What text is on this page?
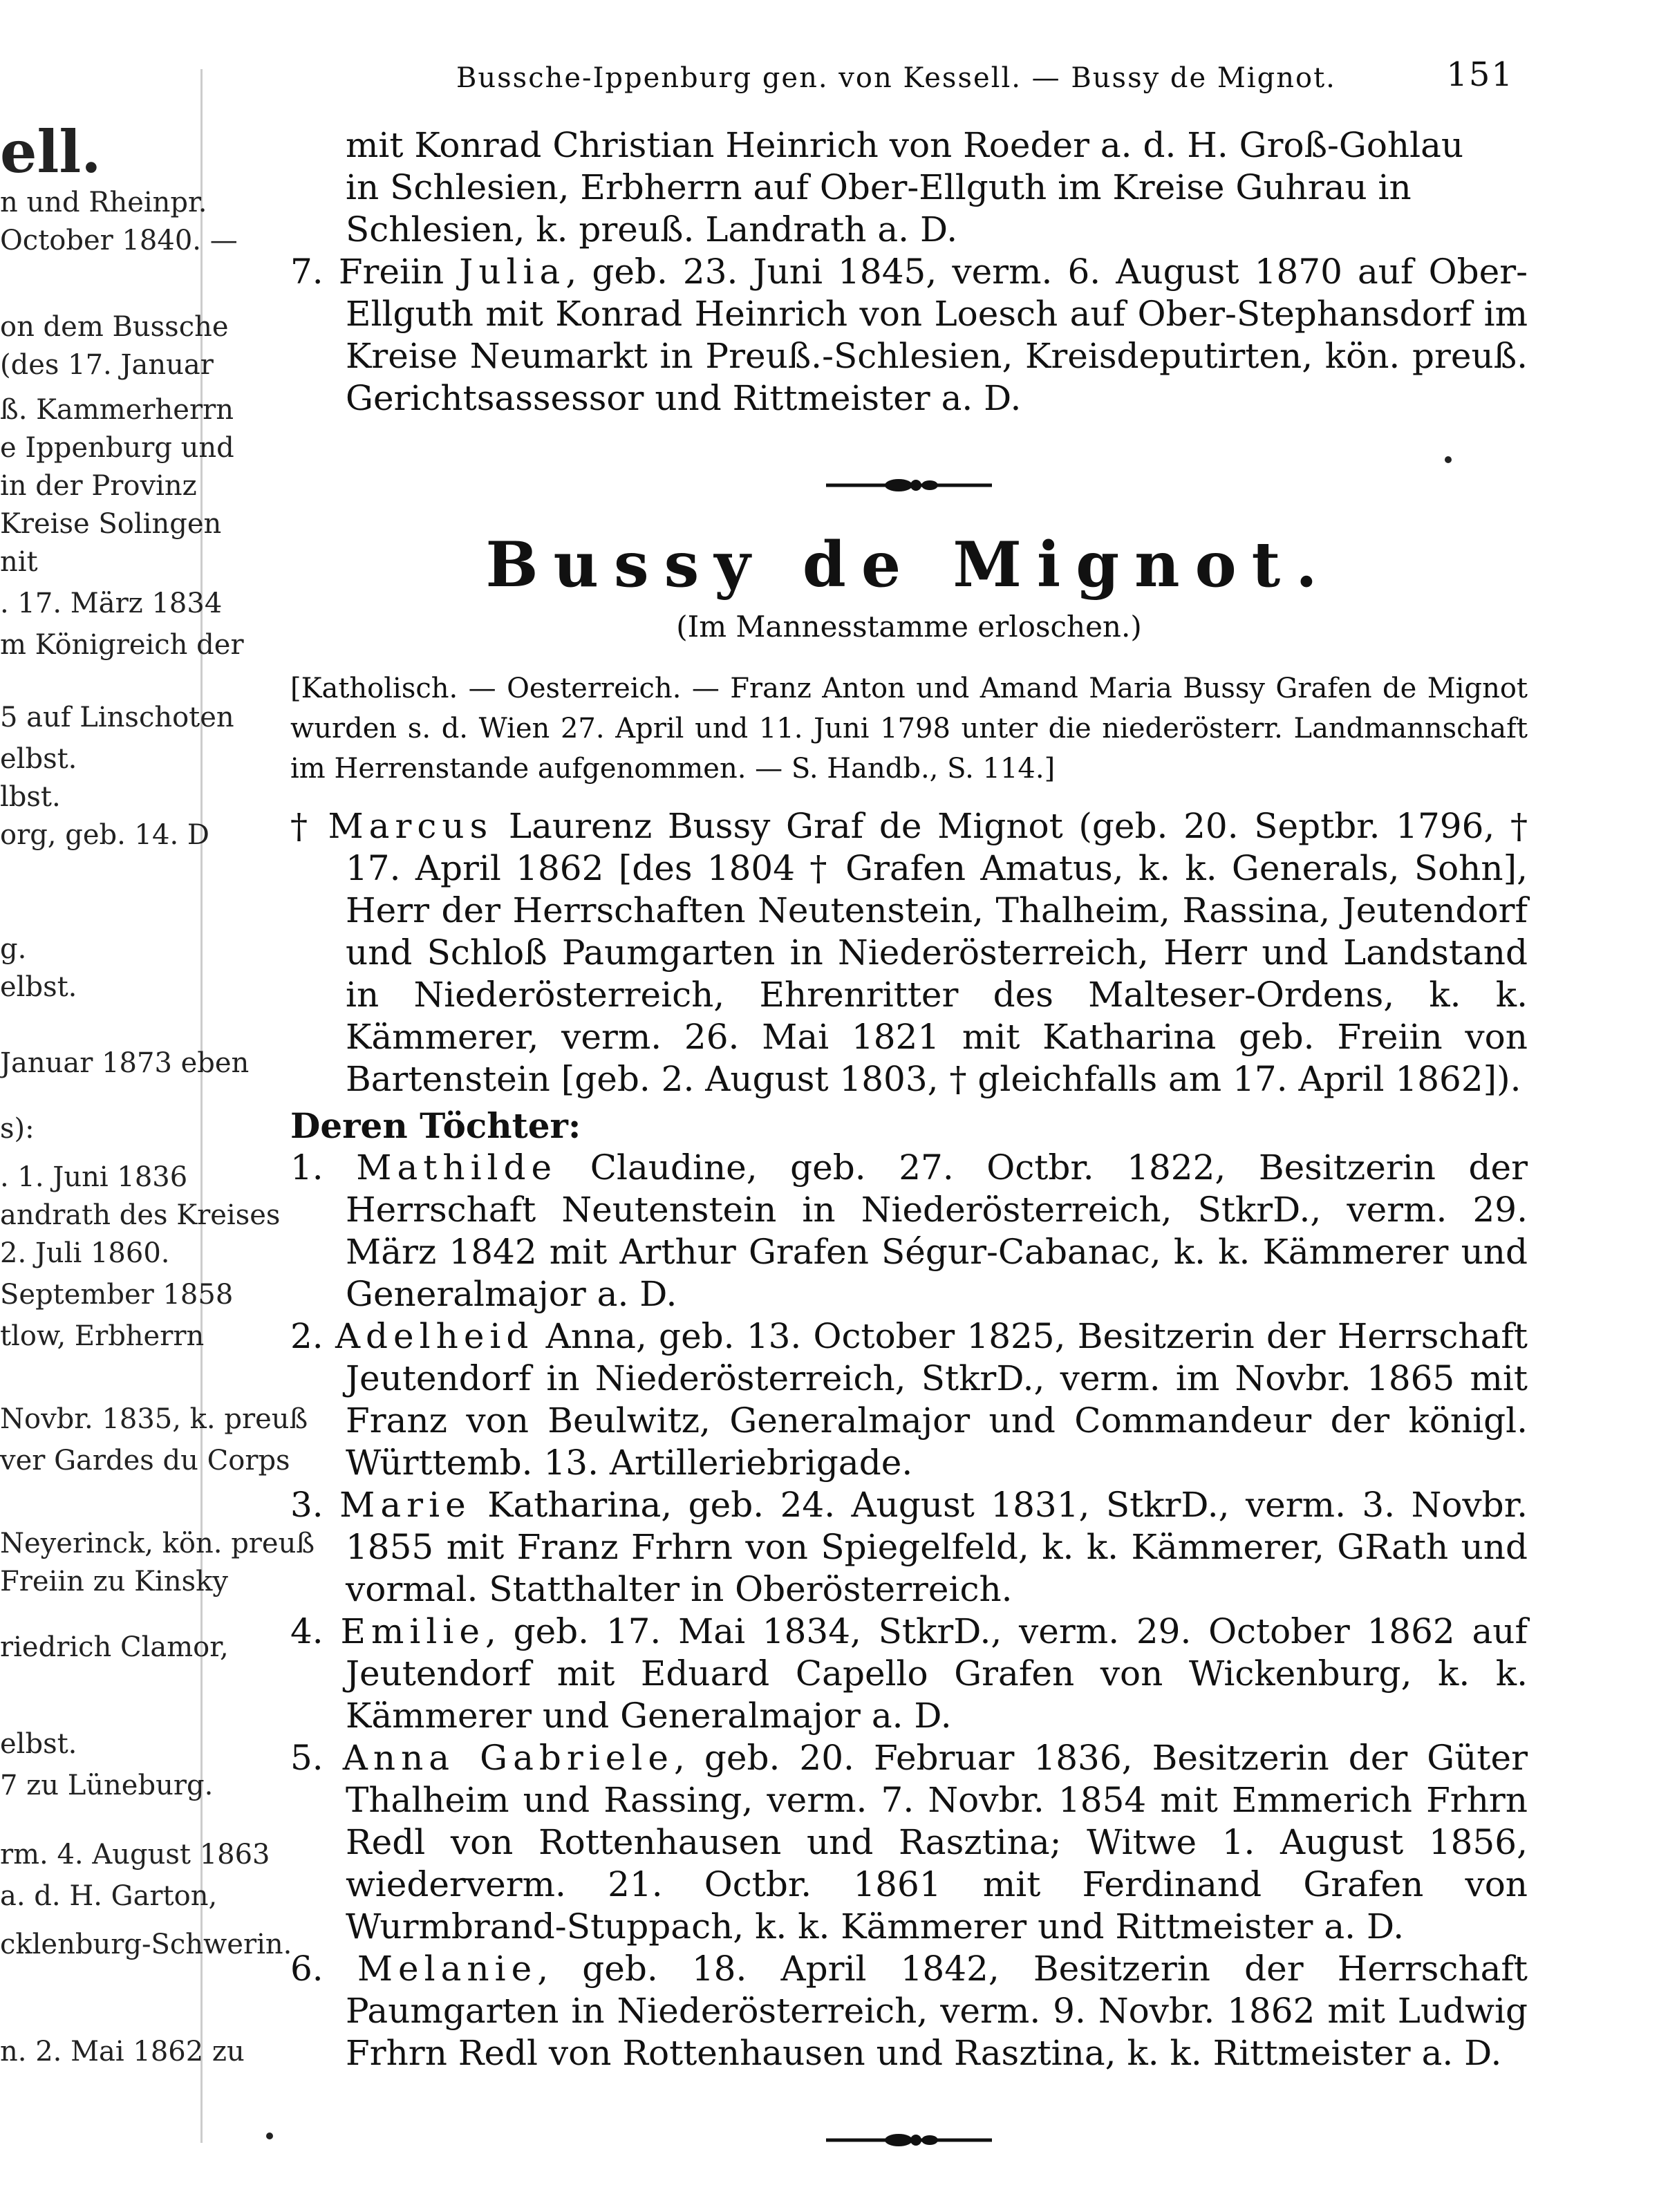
ell.
n und Rheinpr.
October 1840. —
on dem Bussche
(des 17. Januar
ß. Kammerherrn
e Ippenburg und
in der Provinz
Kreise Solingen
nit
. 17. März 1834
m Königreich der
5 auf Linschoten
elbst.
lbst.
org, geb. 14. D
g.
elbst.
Januar 1873 eben
s):
. 1. Juni 1836
andrath des Kreises
2. Juli 1860.
September 1858
tlow, Erbherrn
Novbr. 1835, k. preuß
ver Gardes du Corps
Neyerinck, kön. preuß
Freiin zu Kinsky
riedrich Clamor,
elbst.
7 zu Lüneburg.
rm. 4. August 1863
a. d. H. Garton,
cklenburg-Schwerin.
n. 2. Mai 1862 zu
Bussche-Ippenburg gen. von Kessell. — Bussy de Mignot.	151

mit Konrad Christian Heinrich von Roeder a. d. H. Groß-Gohlau

in Schlesien, Erbherrn auf Ober-Ellguth im Kreise Guhrau in

Schlesien, k. preuß. Landrath a. D.

7. Freiin Julia, geb. 23. Juni 1845, verm. 6. August 1870 auf Ober-Ellguth mit Konrad Heinrich von Loesch auf Ober-Stephansdorf im Kreise Neumarkt in Preuß.-Schlesien, Kreisdeputirten, kön. preuß. Gerichtsassessor und Rittmeister a. D.

Bussy de Mignot.
(Im Mannesstamme erloschen.)

[Katholisch. — Oesterreich. — Franz Anton und Amand Maria Bussy Grafen de Mignot wurden s. d. Wien 27. April und 11. Juni 1798 unter die niederösterr. Landmannschaft im Herrenstande aufgenommen. — S. Handb., S. 114.]

† Marcus Laurenz Bussy Graf de Mignot (geb. 20. Septbr. 1796, † 17. April 1862 [des 1804 † Grafen Amatus, k. k. Generals, Sohn], Herr der Herrschaften Neutenstein, Thalheim, Rassina, Jeutendorf und Schloß Paumgarten in Niederösterreich, Herr und Landstand in Niederösterreich, Ehrenritter des Malteser-Ordens, k. k. Kämmerer, verm. 26. Mai 1821 mit Katharina geb. Freiin von Bartenstein [geb. 2. August 1803, † gleichfalls am 17. April 1862]).

Deren Töchter:

1. Mathilde Claudine, geb. 27. Octbr. 1822, Besitzerin der Herrschaft Neutenstein in Niederösterreich, StkrD., verm. 29. März 1842 mit Arthur Grafen Ségur-Cabanac, k. k. Kämmerer und Generalmajor a. D.

2. Adelheid Anna, geb. 13. October 1825, Besitzerin der Herrschaft Jeutendorf in Niederösterreich, StkrD., verm. im Novbr. 1865 mit Franz von Beulwitz, Generalmajor und Commandeur der königl. Württemb. 13. Artilleriebrigade.

3. Marie Katharina, geb. 24. August 1831, StkrD., verm. 3. Novbr. 1855 mit Franz Frhrn von Spiegelfeld, k. k. Kämmerer, GRath und vormal. Statthalter in Oberösterreich.

4. Emilie, geb. 17. Mai 1834, StkrD., verm. 29. October 1862 auf Jeutendorf mit Eduard Capello Grafen von Wickenburg, k. k. Kämmerer und Generalmajor a. D.

5. Anna Gabriele, geb. 20. Februar 1836, Besitzerin der Güter Thalheim und Rassing, verm. 7. Novbr. 1854 mit Emmerich Frhrn Redl von Rottenhausen und Rasztina; Witwe 1. August 1856, wiederverm. 21. Octbr. 1861 mit Ferdinand Grafen von Wurmbrand-Stuppach, k. k. Kämmerer und Rittmeister a. D.

6. Melanie, geb. 18. April 1842, Besitzerin der Herrschaft Paumgarten in Niederösterreich, verm. 9. Novbr. 1862 mit Ludwig Frhrn Redl von Rottenhausen und Rasztina, k. k. Rittmeister a. D.
